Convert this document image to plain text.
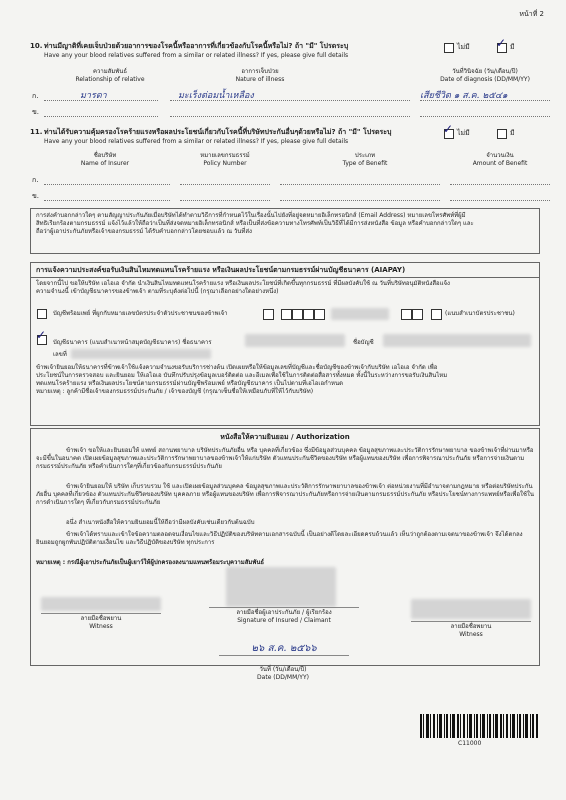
หน้าที่ 2
10. ท่านมีญาติที่เคยเจ็บป่วยด้วยอาการของโรคนี้หรืออาการที่เกี่ยวข้องกับโรคนี้หรือไม่? ถ้า "มี" โปรดระบุ
Have any your blood relatives suffered from a similar or related illness? If yes, please give full details
ไม่มี ✓ มี
ความสัมพันธ์
Relationship of relative
อาการเจ็บป่วย
Nature of illness
วันที่วินิจฉัย (วัน/เดือน/ปี)
Date of diagnosis (DD/MM/YY)
ก.	มารดา	มะเร็งต่อมน้ำเหลือง	เสียชีวิต ๑ ส.ค. ๒๕๔๑
ข.
11. ท่านได้รับความคุ้มครองโรคร้ายแรงหรือผลประโยชน์เกี่ยวกับโรคนี้ที่บริษัทประกันอื่นๆด้วยหรือไม่? ถ้า "มี" โปรดระบุ
Have any your blood relatives suffered from a similar or related illness? If yes, please give full details
✓ ไม่มี	มี
ชื่อบริษัท
Name of Insurer
หมายเลขกรมธรรม์
Policy Number
ประเภท
Type of Benefit
จำนวนเงิน
Amount of Benefit
ก.
ข.
การส่งคำบอกกล่าวใดๆ ตามสัญญาประกันภัยเมื่อบริษัทได้ทำตามวิธีการที่กำหนดไว้ในเรื่องนั้นไปยังที่อยู่จดหมายอิเล็กทรอนิกส์ (Email Address) หมายเลขโทรศัพท์ที่ผู้มี
สิทธิเรียกร้องตามกรมธรรม์ แจ้งไว้แล้วให้ถือว่าเป็นที่ส่งจดหมายอิเล็กทรอนิกส์ หรือเป็นที่ส่งข้อความทางโทรศัพท์เป็นวิธีที่ได้มีการส่งหนังสือ ข้อมูล หรือคำบอกกล่าวใดๆ และ
ถือว่าผู้เอาประกันภัยหรือเจ้าของกรมธรรม์ ได้รับคำบอกกล่าวโดยชอบแล้ว ณ วันที่ส่ง
การแจ้งความประสงค์ขอรับเงินสินไหมทดแทนโรคร้ายแรง หรือเงินผลประโยชน์ตามกรมธรรม์ผ่านบัญชีธนาคาร (AIAPAY)
โดยจากนี้ไป ขอให้บริษัท เอไอเอ จำกัด นำเงินสินไหมทดแทนโรคร้ายแรง หรือเงินผลประโยชน์ที่เกิดขึ้นทุกกรมธรรม์ ที่มีผลบังคับใช้ ณ วันที่บริษัทอนุมัติหนังสือแจ้ง
ความจำนงนี้ เข้าบัญชีธนาคารของข้าพเจ้า ตามที่ระบุดังต่อไปนี้ (กรุณาเลือกอย่างใดอย่างหนึ่ง)
บัญชีพร้อมเพย์ ที่ผูกกับหมายเลขบัตรประจำตัวประชาชนของข้าพเจ้า	(แนบสำเนาบัตรประชาชน)
✓
บัญชีธนาคาร (แนบสำเนาหน้าสมุดบัญชีธนาคาร) ชื่อธนาคาร	ชื่อบัญชี
เลขที่
ข้าพเจ้ายินยอมให้ธนาคารที่ข้าพเจ้าใช้แจ้งความจำนงขอรับบริการช่างต้น เปิดเผยหรือให้ข้อมูลเลขที่บัญชีและชื่อบัญชีของข้าพเจ้ากับบริษัท เอไอเอ จำกัด เพื่อ
ประโยชน์ในการตรวจสอบ และยินยอม ให้เอไอเอ บันทึกปรับปรุงข้อมูลเบอร์ติดต่อ และอีเมลเพื่อใช้ในการติดต่อสื่อสารทั้งหมด ทั้งนี้ในระหว่างการขอรับเงินสินไหม
ทดแทนโรคร้ายแรง หรือเงินผลประโยชน์ตามกรมธรรม์ผ่านบัญชีพร้อมเพย์ หรือบัญชีธนาคาร เป็นไปตามที่เอไอเอกำหนด
หมายเหตุ : ลูกค้ามีชื่อเจ้าของกรมธรรม์ประกันภัย / เจ้าของบัญชี (กรุณาเซ็นชื่อให้เหมือนกับที่ให้ไว้กับบริษัท)
หนังสือให้ความยินยอม / Authorization
ข้าพเจ้า ขอให้และยินยอมให้ แพทย์ สถานพยาบาล บริษัทประกันภัยอื่น หรือ บุคคลที่เกี่ยวข้อง ซึ่งมีข้อมูลส่วนบุคคล ข้อมูลสุขภาพและประวัติการรักษาพยาบาล ของข้าพเจ้าที่ผ่านมาหรือจะมีขึ้นในอนาคต เปิดเผยข้อมูลสุขภาพและประวัติการรักษาพยาบาลของข้าพเจ้าให้แก่บริษัท ตัวแทนประกันชีวิตของบริษัท หรือผู้แทนของบริษัท เพื่อการพิจารณาประกันภัย หรือการจ่ายเงินตามกรมธรรม์ประกันภัย หรือคำเนินการใดๆที่เกี่ยวข้องกับกรมธรรม์ประกันภัย
ข้าพเจ้ายินยอมให้ บริษัท เก็บรวบรวม ใช้ และเปิดเผยข้อมูลส่วนบุคคล ข้อมูลสุขภาพและประวัติการรักษาพยาบาลของข้าพเจ้า ต่อหน่วยงานที่มีอำนาจตามกฎหมาย หรือต่อบริษัทประกันภัยอื่น บุคคลที่เกี่ยวข้อง ตัวแทนประกันชีวิตของบริษัท บุคคลภาย หรือผู้แทนของบริษัท เพื่อการพิจารณาประกันภัยหรือการจ่ายเงินตามกรมธรรม์ประกันภัย หรือประโยชน์ทางการแพทย์หรือเพื่อใช้ในการดำเนินการใดๆ ที่เกี่ยวกับกรมธรรม์ประกันภัย
อนึ่ง สำเนาหนังสือให้ความยินยอมนี้ให้ถือว่ามีผลบังคับเช่นเดียวกับต้นฉบับ
ข้าพเจ้าได้ทราบและเข้าใจข้อความตลอดจนเงื่อนไขและวิธีปฏิบัติของบริษัทตามเอกสารฉบับนี้ เป็นอย่างดีโดยละเอียดครบถ้วนแล้ว เห็นว่าถูกต้องตามเจตนาของข้าพเจ้า จึงได้ตกลงยินยอมถูกผูกพันปฏิบัติตามเงื่อนไข และวิธีปฏิบัติของบริษัท ทุกประการ
หมายเหตุ : กรณีผู้เอาประกันภัยเป็นผู้เยาว์ให้ผู้ปกครองลงนามแทนพร้อมระบุความสัมพันธ์
ลายมือชื่อพยาน
Witness
ลายมือชื่อผู้เอาประกันภัย / ผู้เรียกร้อง
Signature of Insured / Claimant
ลายมือชื่อพยาน
Witness
๒๖ ส.ค. ๒๕๖๖
วันที่ (วัน/เดือน/ปี)
Date (DD/MM/YY)
C11000
